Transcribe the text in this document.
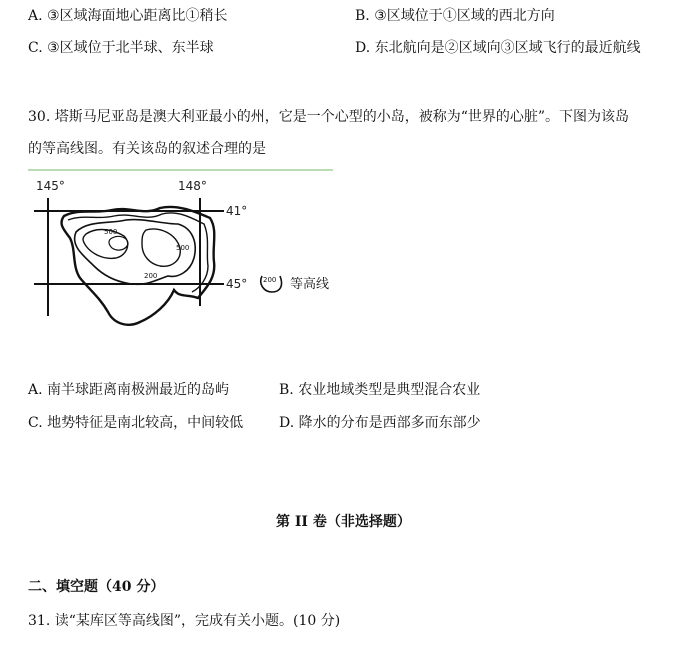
A. ③区域海面地心距离比①稍长	B. ③区域位于①区域的西北方向
C. ③区域位于北半球、东半球	D. 东北航向是②区域向③区域飞行的最近航线
30. 塔斯马尼亚岛是澳大利亚最小的州，它是一个心型的小岛，被称为“世界的心脏”。下图为该岛
的等高线图。有关该岛的叙述合理的是
145°	148°
41°
45°
500
500
200	200 等高线
A. 南半球距离南极洲最近的岛屿	B. 农业地域类型是典型混合农业
C. 地势特征是南北较高，中间较低	D. 降水的分布是西部多而东部少
第 II 卷（非选择题）
二、填空题（40 分）
31. 读“某库区等高线图”，完成有关小题。(10 分)
